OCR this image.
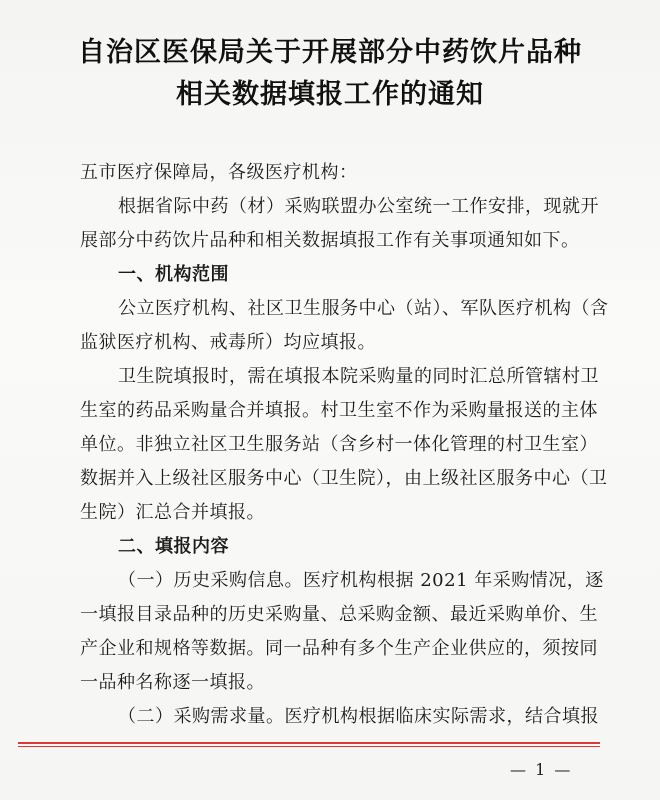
自治区医保局关于开展部分中药饮片品种
相关数据填报工作的通知
五市医疗保障局，各级医疗机构：
根据省际中药（材）采购联盟办公室统一工作安排，现就开
展部分中药饮片品种和相关数据填报工作有关事项通知如下。
一、机构范围
公立医疗机构、社区卫生服务中心（站）、军队医疗机构（含
监狱医疗机构、戒毒所）均应填报。
卫生院填报时，需在填报本院采购量的同时汇总所管辖村卫
生室的药品采购量合并填报。村卫生室不作为采购量报送的主体
单位。非独立社区卫生服务站（含乡村一体化管理的村卫生室）
数据并入上级社区服务中心（卫生院），由上级社区服务中心（卫
生院）汇总合并填报。
二、填报内容
（一）历史采购信息。医疗机构根据 2021 年采购情况，逐
一填报目录品种的历史采购量、总采购金额、最近采购单价、生
产企业和规格等数据。同一品种有多个生产企业供应的，须按同
一品种名称逐一填报。
（二）采购需求量。医疗机构根据临床实际需求，结合填报
— 1 —
